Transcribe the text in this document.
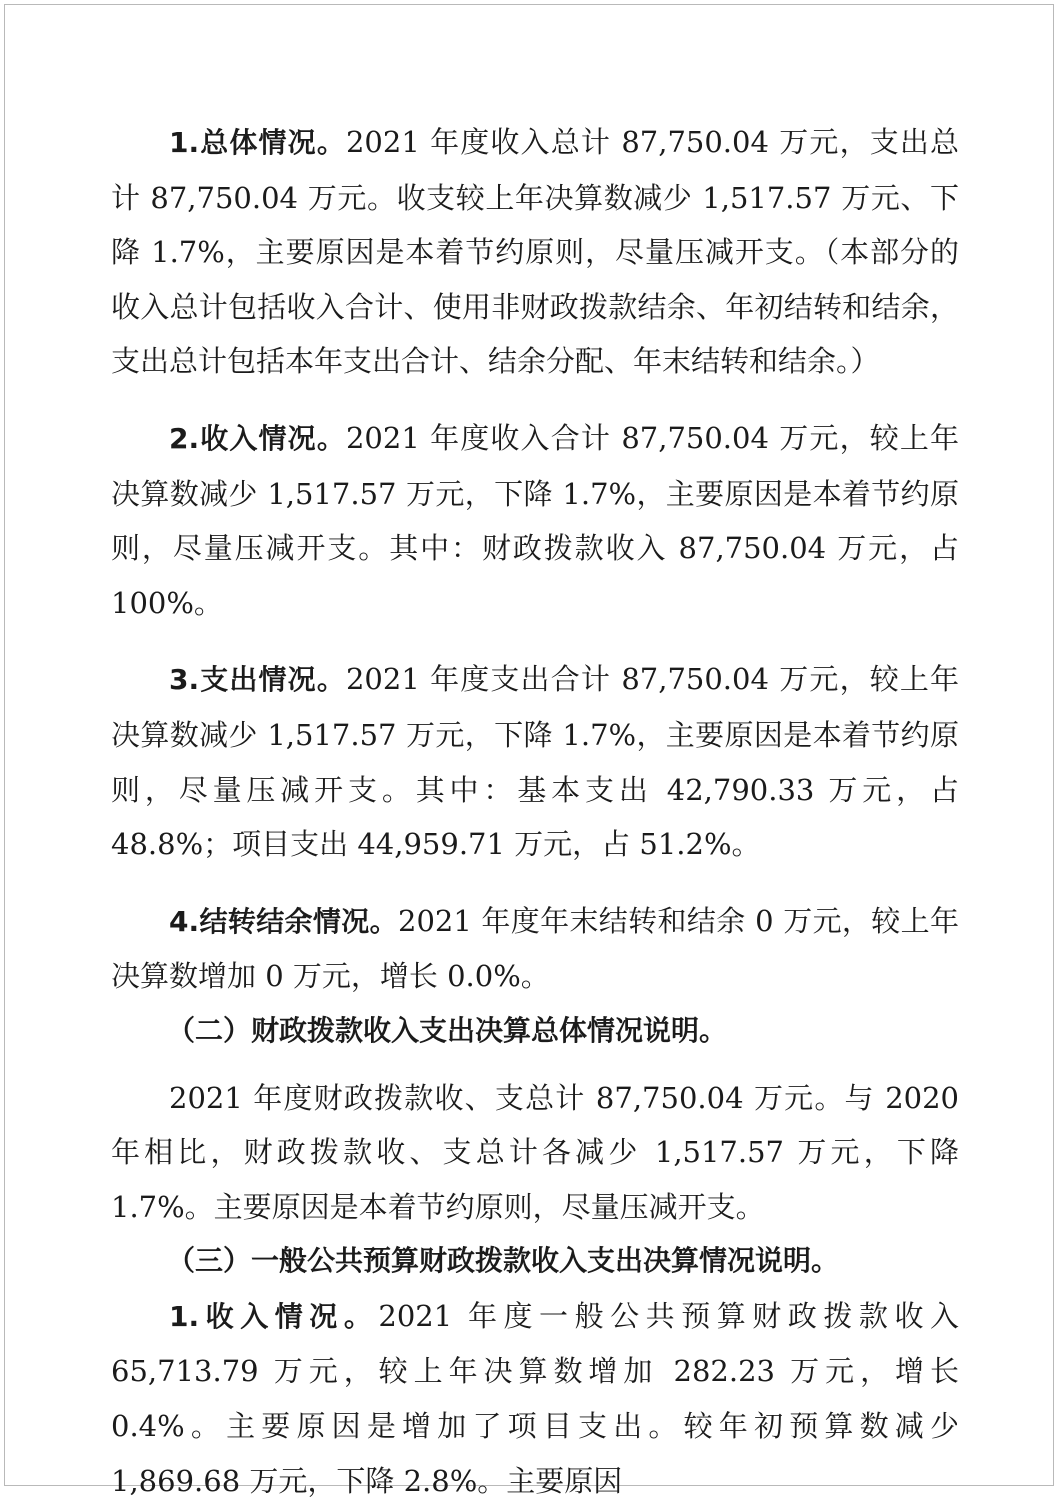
1.总体情况。2021 年度收入总计 87,750.04 万元，支出总计 87,750.04 万元。收支较上年决算数减少 1,517.57 万元、下降 1.7%，主要原因是本着节约原则，尽量压减开支。（本部分的收入总计包括收入合计、使用非财政拨款结余、年初结转和结余，支出总计包括本年支出合计、结余分配、年末结转和结余。）

2.收入情况。2021 年度收入合计 87,750.04 万元，较上年决算数减少 1,517.57 万元，下降 1.7%，主要原因是本着节约原则，尽量压减开支。其中：财政拨款收入 87,750.04 万元，占 100%。

3.支出情况。2021 年度支出合计 87,750.04 万元，较上年决算数减少 1,517.57 万元，下降 1.7%，主要原因是本着节约原则，尽量压减开支。其中：基本支出 42,790.33 万元，占 48.8%；项目支出 44,959.71 万元，占 51.2%。

4.结转结余情况。2021 年度年末结转和结余 0 万元，较上年决算数增加 0 万元，增长 0.0%。

（二）财政拨款收入支出决算总体情况说明。

2021 年度财政拨款收、支总计 87,750.04 万元。与 2020 年相比，财政拨款收、支总计各减少 1,517.57 万元，下降 1.7%。主要原因是本着节约原则，尽量压减开支。

（三）一般公共预算财政拨款收入支出决算情况说明。

1.收入情况。2021 年度一般公共预算财政拨款收入 65,713.79 万元，较上年决算数增加 282.23 万元，增长 0.4%。主要原因是增加了项目支出。较年初预算数减少 1,869.68 万元，下降 2.8%。主要原因
